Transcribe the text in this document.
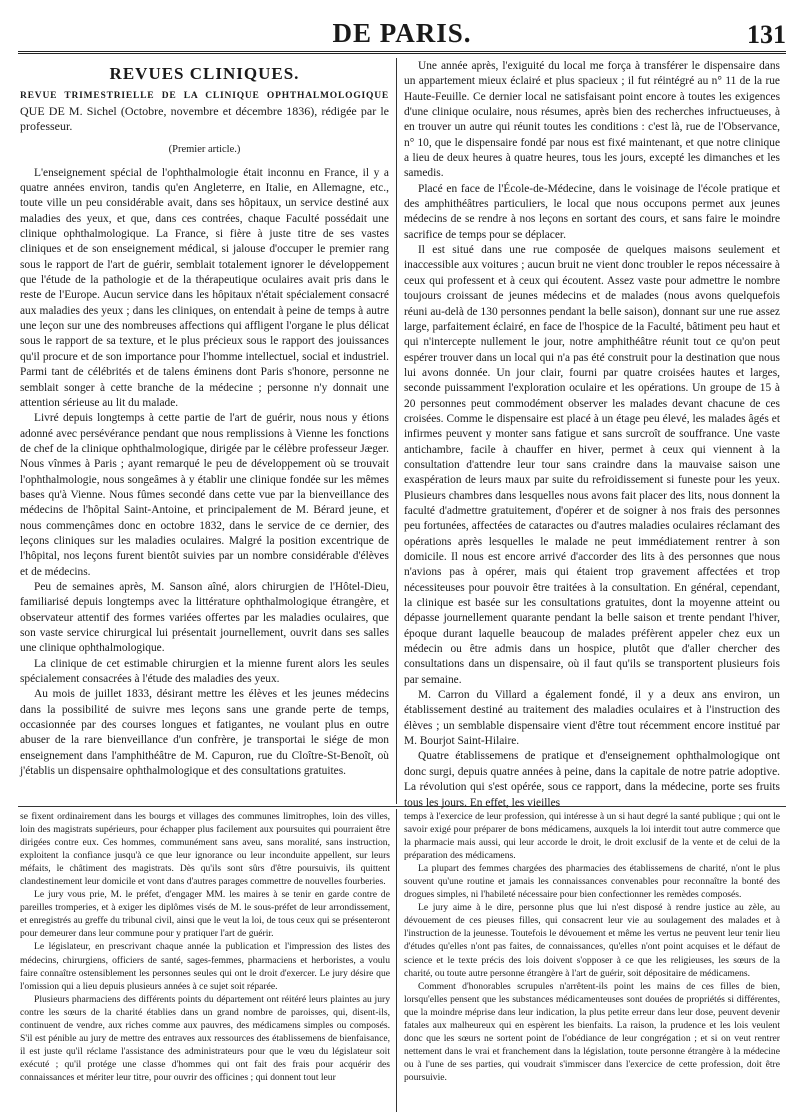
DE PARIS.	131

REVUES CLINIQUES.

REVUE TRIMESTRIELLE DE LA CLINIQUE OPHTHALMOLOGIQUE QUE DE M. Sichel (Octobre, novembre et décembre 1836), rédigée par le professeur.

(Premier article.)

L'enseignement spécial de l'ophthalmologie était inconnu en France, il y a quatre années environ, tandis qu'en Angleterre, en Italie, en Allemagne, etc., toute ville un peu considérable avait, dans ses hôpitaux, un service destiné aux maladies des yeux, et que, dans ces contrées, chaque Faculté possédait une clinique ophthalmologique. La France, si fière à juste titre de ses vastes cliniques et de son enseignement médical, si jalouse d'occuper le premier rang sous le rapport de l'art de guérir, semblait totalement ignorer le développement que l'étude de la pathologie et de la thérapeutique oculaires avait pris dans le reste de l'Europe. Aucun service dans les hôpitaux n'était spécialement consacré aux maladies des yeux ; dans les cliniques, on entendait à peine de temps à autre une leçon sur une des nombreuses affections qui affligent l'organe le plus délicat sous le rapport de sa texture, et le plus précieux sous le rapport des jouissances qu'il procure et de son importance pour l'homme intellectuel, social et industriel. Parmi tant de célébrités et de talens éminens dont Paris s'honore, personne ne semblait songer à cette branche de la médecine ; personne n'y donnait une attention sérieuse au lit du malade.

Livré depuis longtemps à cette partie de l'art de guérir, nous nous y étions adonné avec persévérance pendant que nous remplissions à Vienne les fonctions de chef de la clinique ophthalmologique, dirigée par le célèbre professeur Jæger. Nous vînmes à Paris ; ayant remarqué le peu de développement où se trouvait l'ophthalmologie, nous songeâmes à y établir une clinique fondée sur les mêmes bases qu'à Vienne. Nous fûmes secondé dans cette vue par la bienveillance des médecins de l'hôpital Saint-Antoine, et principalement de M. Bérard jeune, et nous commençâmes donc en octobre 1832, dans le service de ce dernier, des leçons cliniques sur les maladies oculaires. Malgré la position excentrique de l'hôpital, nos leçons furent bientôt suivies par un nombre considérable d'élèves et de médecins.

Peu de semaines après, M. Sanson aîné, alors chirurgien de l'Hôtel-Dieu, familiarisé depuis longtemps avec la littérature ophthalmologique étrangère, et observateur attentif des formes variées offertes par les maladies oculaires, que son vaste service chirurgical lui présentait journellement, ouvrit dans ses salles une clinique ophthalmologique.

La clinique de cet estimable chirurgien et la mienne furent alors les seules spécialement consacrées à l'étude des maladies des yeux.

Au mois de juillet 1833, désirant mettre les élèves et les jeunes médecins dans la possibilité de suivre mes leçons sans une grande perte de temps, occasionnée par des courses longues et fatigantes, ne voulant plus en outre abuser de la rare bienveillance d'un confrère, je transportai le siége de mon enseignement dans l'amphithéâtre de M. Capuron, rue du Cloître-St-Benoît, où j'établis un dispensaire ophthalmologique et des consultations gratuites.

Une année après, l'exiguité du local me força à transférer le dispensaire dans un appartement mieux éclairé et plus spacieux ; il fut réintégré au n° 11 de la rue Haute-Feuille. Ce dernier local ne satisfaisant point encore à toutes les exigences d'une clinique oculaire, nous résumes, après bien des recherches infructueuses, à en trouver un autre qui réunit toutes les conditions : c'est là, rue de l'Observance, n° 10, que le dispensaire fondé par nous est fixé maintenant, et que notre clinique a lieu de deux heures à quatre heures, tous les jours, excepté les dimanches et les samedis.

Placé en face de l'École-de-Médecine, dans le voisinage de l'école pratique et des amphithéâtres particuliers, le local que nous occupons permet aux jeunes médecins de se rendre à nos leçons en sortant des cours, et sans faire le moindre sacrifice de temps pour se déplacer.

Il est situé dans une rue composée de quelques maisons seulement et inaccessible aux voitures ; aucun bruit ne vient donc troubler le repos nécessaire à ceux qui professent et à ceux qui écoutent. Assez vaste pour admettre le nombre toujours croissant de jeunes médecins et de malades (nous avons quelquefois réuni au-delà de 130 personnes pendant la belle saison), donnant sur une rue assez large, parfaitement éclairé, en face de l'hospice de la Faculté, bâtiment peu haut et qui n'intercepte nullement le jour, notre amphithéâtre réunit tout ce qu'on peut espérer trouver dans un local qui n'a pas été construit pour la destination que nous lui avons donnée. Un jour clair, fourni par quatre croisées hautes et larges, seconde puissamment l'exploration oculaire et les opérations. Un groupe de 15 à 20 personnes peut commodément observer les malades devant chacune de ces croisées. Comme le dispensaire est placé à un étage peu élevé, les malades âgés et infirmes peuvent y monter sans fatigue et sans surcroît de souffrance. Une vaste antichambre, facile à chauffer en hiver, permet à ceux qui viennent à la consultation d'attendre leur tour sans craindre dans la mauvaise saison une exaspération de leurs maux par suite du refroidissement si funeste pour les yeux. Plusieurs chambres dans lesquelles nous avons fait placer des lits, nous donnent la faculté d'admettre gratuitement, d'opérer et de soigner à nos frais des personnes peu fortunées, affectées de cataractes ou d'autres maladies oculaires réclamant des opérations après lesquelles le malade ne peut immédiatement rentrer à son domicile. Il nous est encore arrivé d'accorder des lits à des personnes que nous n'avions pas à opérer, mais qui étaient trop gravement affectées et trop nécessiteuses pour pouvoir être traitées à la consultation. En général, cependant, la clinique est basée sur les consultations gratuites, dont la moyenne atteint ou dépasse journellement quarante pendant la belle saison et trente pendant l'hiver, époque durant laquelle beaucoup de malades préfèrent appeler chez eux un médecin ou être admis dans un hospice, plutôt que d'aller chercher des consultations dans un dispensaire, où il faut qu'ils se transportent plusieurs fois par semaine.

M. Carron du Villard a également fondé, il y a deux ans environ, un établissement destiné au traitement des maladies oculaires et à l'instruction des élèves ; un semblable dispensaire vient d'être tout récemment encore institué par M. Bourjot Saint-Hilaire.

Quatre établissemens de pratique et d'enseignement ophthalmologique ont donc surgi, depuis quatre années à peine, dans la capitale de notre patrie adoptive. La révolution qui s'est opérée, sous ce rapport, dans la médecine, porte ses fruits tous les jours. En effet, les vieilles

se fixent ordinairement dans les bourgs et villages des communes limitrophes, loin des villes, loin des magistrats supérieurs, pour échapper plus facilement aux poursuites qui pourraient être dirigées contre eux. Ces hommes, communément sans aveu, sans moralité, sans instruction, exploitent la confiance jusqu'à ce que leur ignorance ou leur inconduite appellent, sur leurs méfaits, le châtiment des magistrats. Dès qu'ils sont sûrs d'être poursuivis, ils quittent clandestinement leur domicile et vont dans d'autres parages commettre de nouvelles fourberies.

Le jury vous prie, M. le préfet, d'engager MM. les maires à se tenir en garde contre de pareilles tromperies, et à exiger les diplômes visés de M. le sous-préfet de leur arrondissement, et enregistrés au greffe du tribunal civil, ainsi que le veut la loi, de tous ceux qui se présenteront pour demeurer dans leur commune pour y pratiquer l'art de guérir.

Le législateur, en prescrivant chaque année la publication et l'impression des listes des médecins, chirurgiens, officiers de santé, sages-femmes, pharmaciens et herboristes, a voulu faire connaître ostensiblement les personnes seules qui ont le droit d'exercer. Le jury désire que l'omission qui a lieu depuis plusieurs années à ce sujet soit réparée.

Plusieurs pharmaciens des différents points du département ont réitéré leurs plaintes au jury contre les sœurs de la charité établies dans un grand nombre de paroisses, qui, disent-ils, continuent de vendre, aux riches comme aux pauvres, des médicamens simples ou composés. S'il est pénible au jury de mettre des entraves aux ressources des établissemens de bienfaisance, il est juste qu'il réclame l'assistance des administrateurs pour que le vœu du législateur soit exécuté ; qu'il protége une classe d'hommes qui ont fait des frais pour acquérir des connaissances et mériter leur titre, pour ouvrir des officines ; qui donnent tout leur

temps à l'exercice de leur profession, qui intéresse à un si haut degré la santé publique ; qui ont le savoir exigé pour préparer de bons médicamens, auxquels la loi interdit tout autre commerce que la pharmacie mais aussi, qui leur accorde le droit, le droit exclusif de la vente et de celui de la préparation des médicamens.

La plupart des femmes chargées des pharmacies des établissemens de charité, n'ont le plus souvent qu'une routine et jamais les connaissances convenables pour reconnaître la bonté des drogues simples, ni l'habileté nécessaire pour bien confectionner les remèdes composés.

Le jury aime à le dire, personne plus que lui n'est disposé à rendre justice au zèle, au dévouement de ces pieuses filles, qui consacrent leur vie au soulagement des malades et à l'instruction de la jeunesse. Toutefois le dévouement et même les vertus ne peuvent leur tenir lieu d'études qu'elles n'ont pas faites, de connaissances, qu'elles n'ont point acquises et le défaut de science et le texte précis des lois doivent s'opposer à ce que les religieuses, les sœurs de la charité, ou toute autre personne étrangère à l'art de guérir, soit dépositaire de médicamens.

Comment d'honorables scrupules n'arrêtent-ils point les mains de ces filles de bien, lorsqu'elles pensent que les substances médicamenteuses sont douées de propriétés si différentes, que la moindre méprise dans leur indication, la plus petite erreur dans leur dose, peuvent devenir fatales aux malheureux qui en espèrent les bienfaits. La raison, la prudence et les lois veulent donc que les sœurs ne sortent point de l'obédiance de leur congrégation ; et si on veut rentrer nettement dans le vrai et franchement dans la législation, toute personne étrangère à la médecine ou à l'une de ses parties, qui voudrait s'immiscer dans l'exercice de cette profession, doit être poursuivie.
